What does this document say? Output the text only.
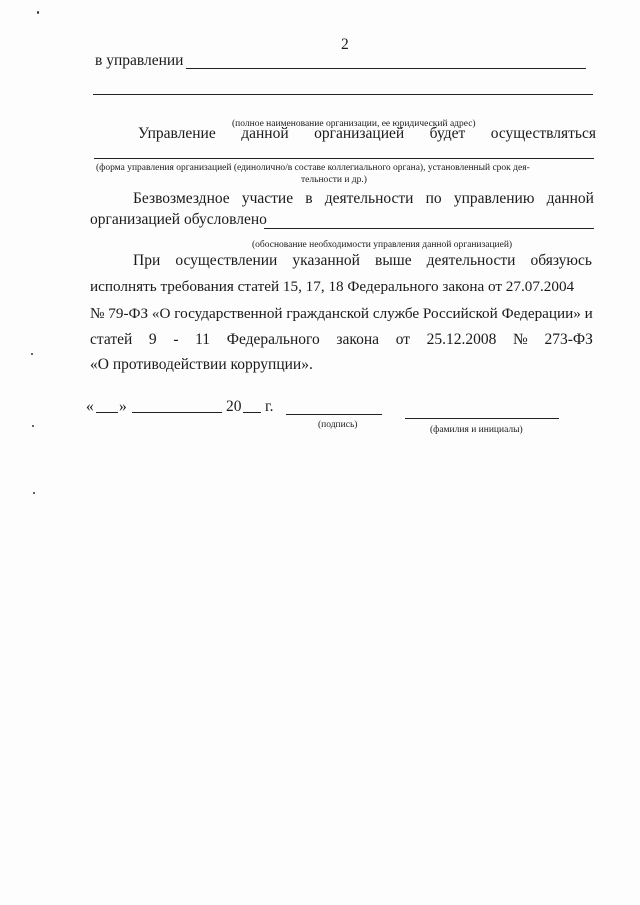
2
в управлении
(полное наименование организации, ее юридический адрес)
Управление данной организацией будет осуществляться
(форма управления организацией (единолично/в составе коллегиального органа), установленный срок дея-
тельности и др.)
Безвозмездное участие в деятельности по управлению данной
организацией обусловлено
(обоснование необходимости управления данной организацией)
При осуществлении указанной выше деятельности обязуюсь
исполнять требования статей 15, 17, 18 Федерального закона от 27.07.2004
№ 79-ФЗ «О государственной гражданской службе Российской Федерации» и
статей 9 - 11 Федерального закона от 25.12.2008 № 273-ФЗ
«О противодействии коррупции».
« »	20 г.
(подпись)	(фамилия и инициалы)
